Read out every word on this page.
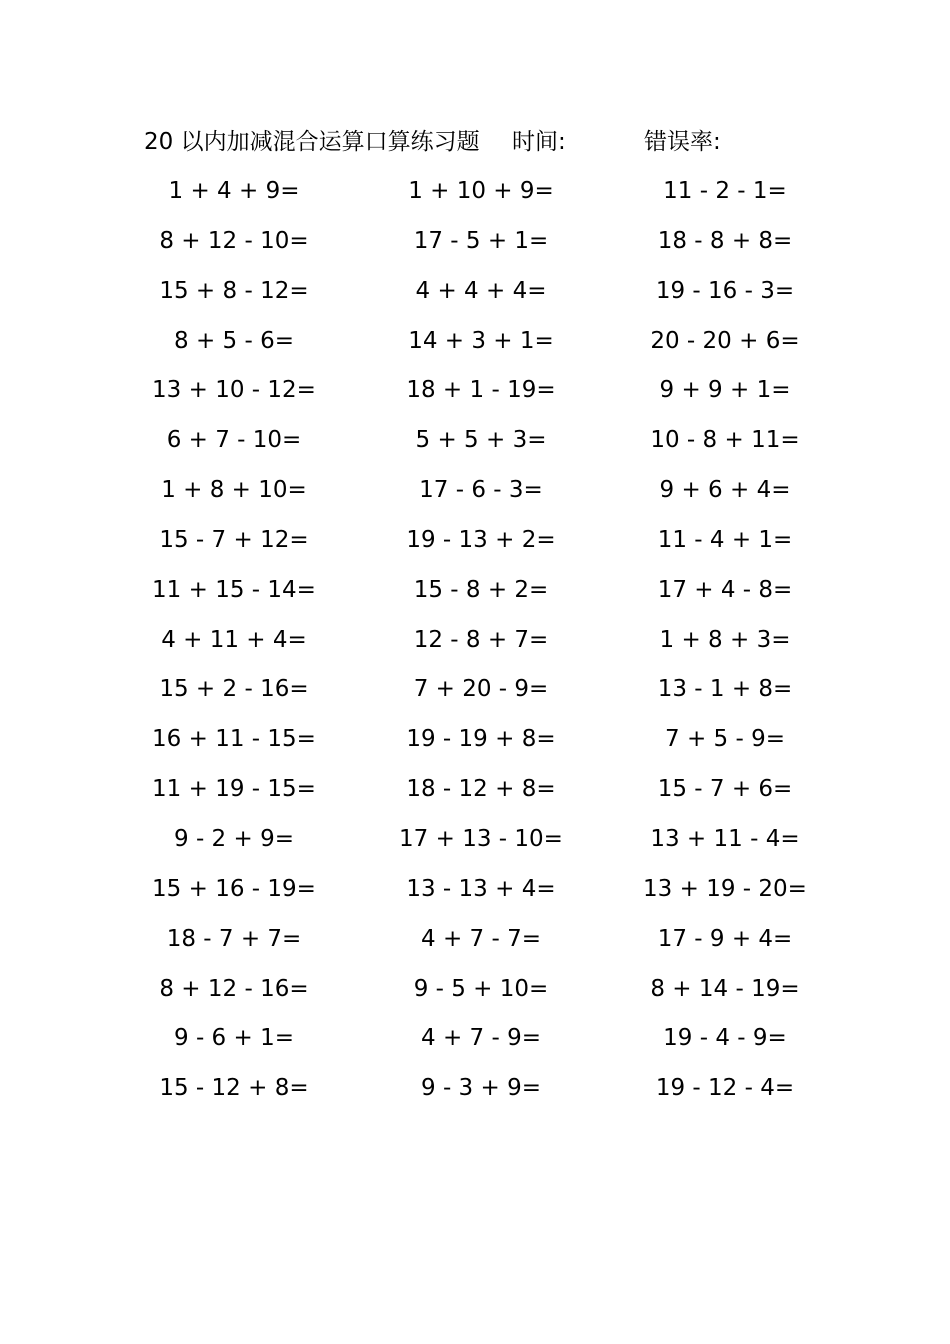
20 以内加减混合运算口算练习题 时间:	错误率:
1 + 4 + 9=	1 + 10 + 9=	11 - 2 - 1=
8 + 12 - 10=	17 - 5 + 1=	18 - 8 + 8=
15 + 8 - 12=	4 + 4 + 4=	19 - 16 - 3=
8 + 5 - 6=	14 + 3 + 1=	20 - 20 + 6=
13 + 10 - 12=	18 + 1 - 19=	9 + 9 + 1=
6 + 7 - 10=	5 + 5 + 3=	10 - 8 + 11=
1 + 8 + 10=	17 - 6 - 3=	9 + 6 + 4=
15 - 7 + 12=	19 - 13 + 2=	11 - 4 + 1=
11 + 15 - 14=	15 - 8 + 2=	17 + 4 - 8=
4 + 11 + 4=	12 - 8 + 7=	1 + 8 + 3=
15 + 2 - 16=	7 + 20 - 9=	13 - 1 + 8=
16 + 11 - 15=	19 - 19 + 8=	7 + 5 - 9=
11 + 19 - 15=	18 - 12 + 8=	15 - 7 + 6=
9 - 2 + 9=	17 + 13 - 10=	13 + 11 - 4=
15 + 16 - 19=	13 - 13 + 4=	13 + 19 - 20=
18 - 7 + 7=	4 + 7 - 7=	17 - 9 + 4=
8 + 12 - 16=	9 - 5 + 10=	8 + 14 - 19=
9 - 6 + 1=	4 + 7 - 9=	19 - 4 - 9=
15 - 12 + 8=	9 - 3 + 9=	19 - 12 - 4=
